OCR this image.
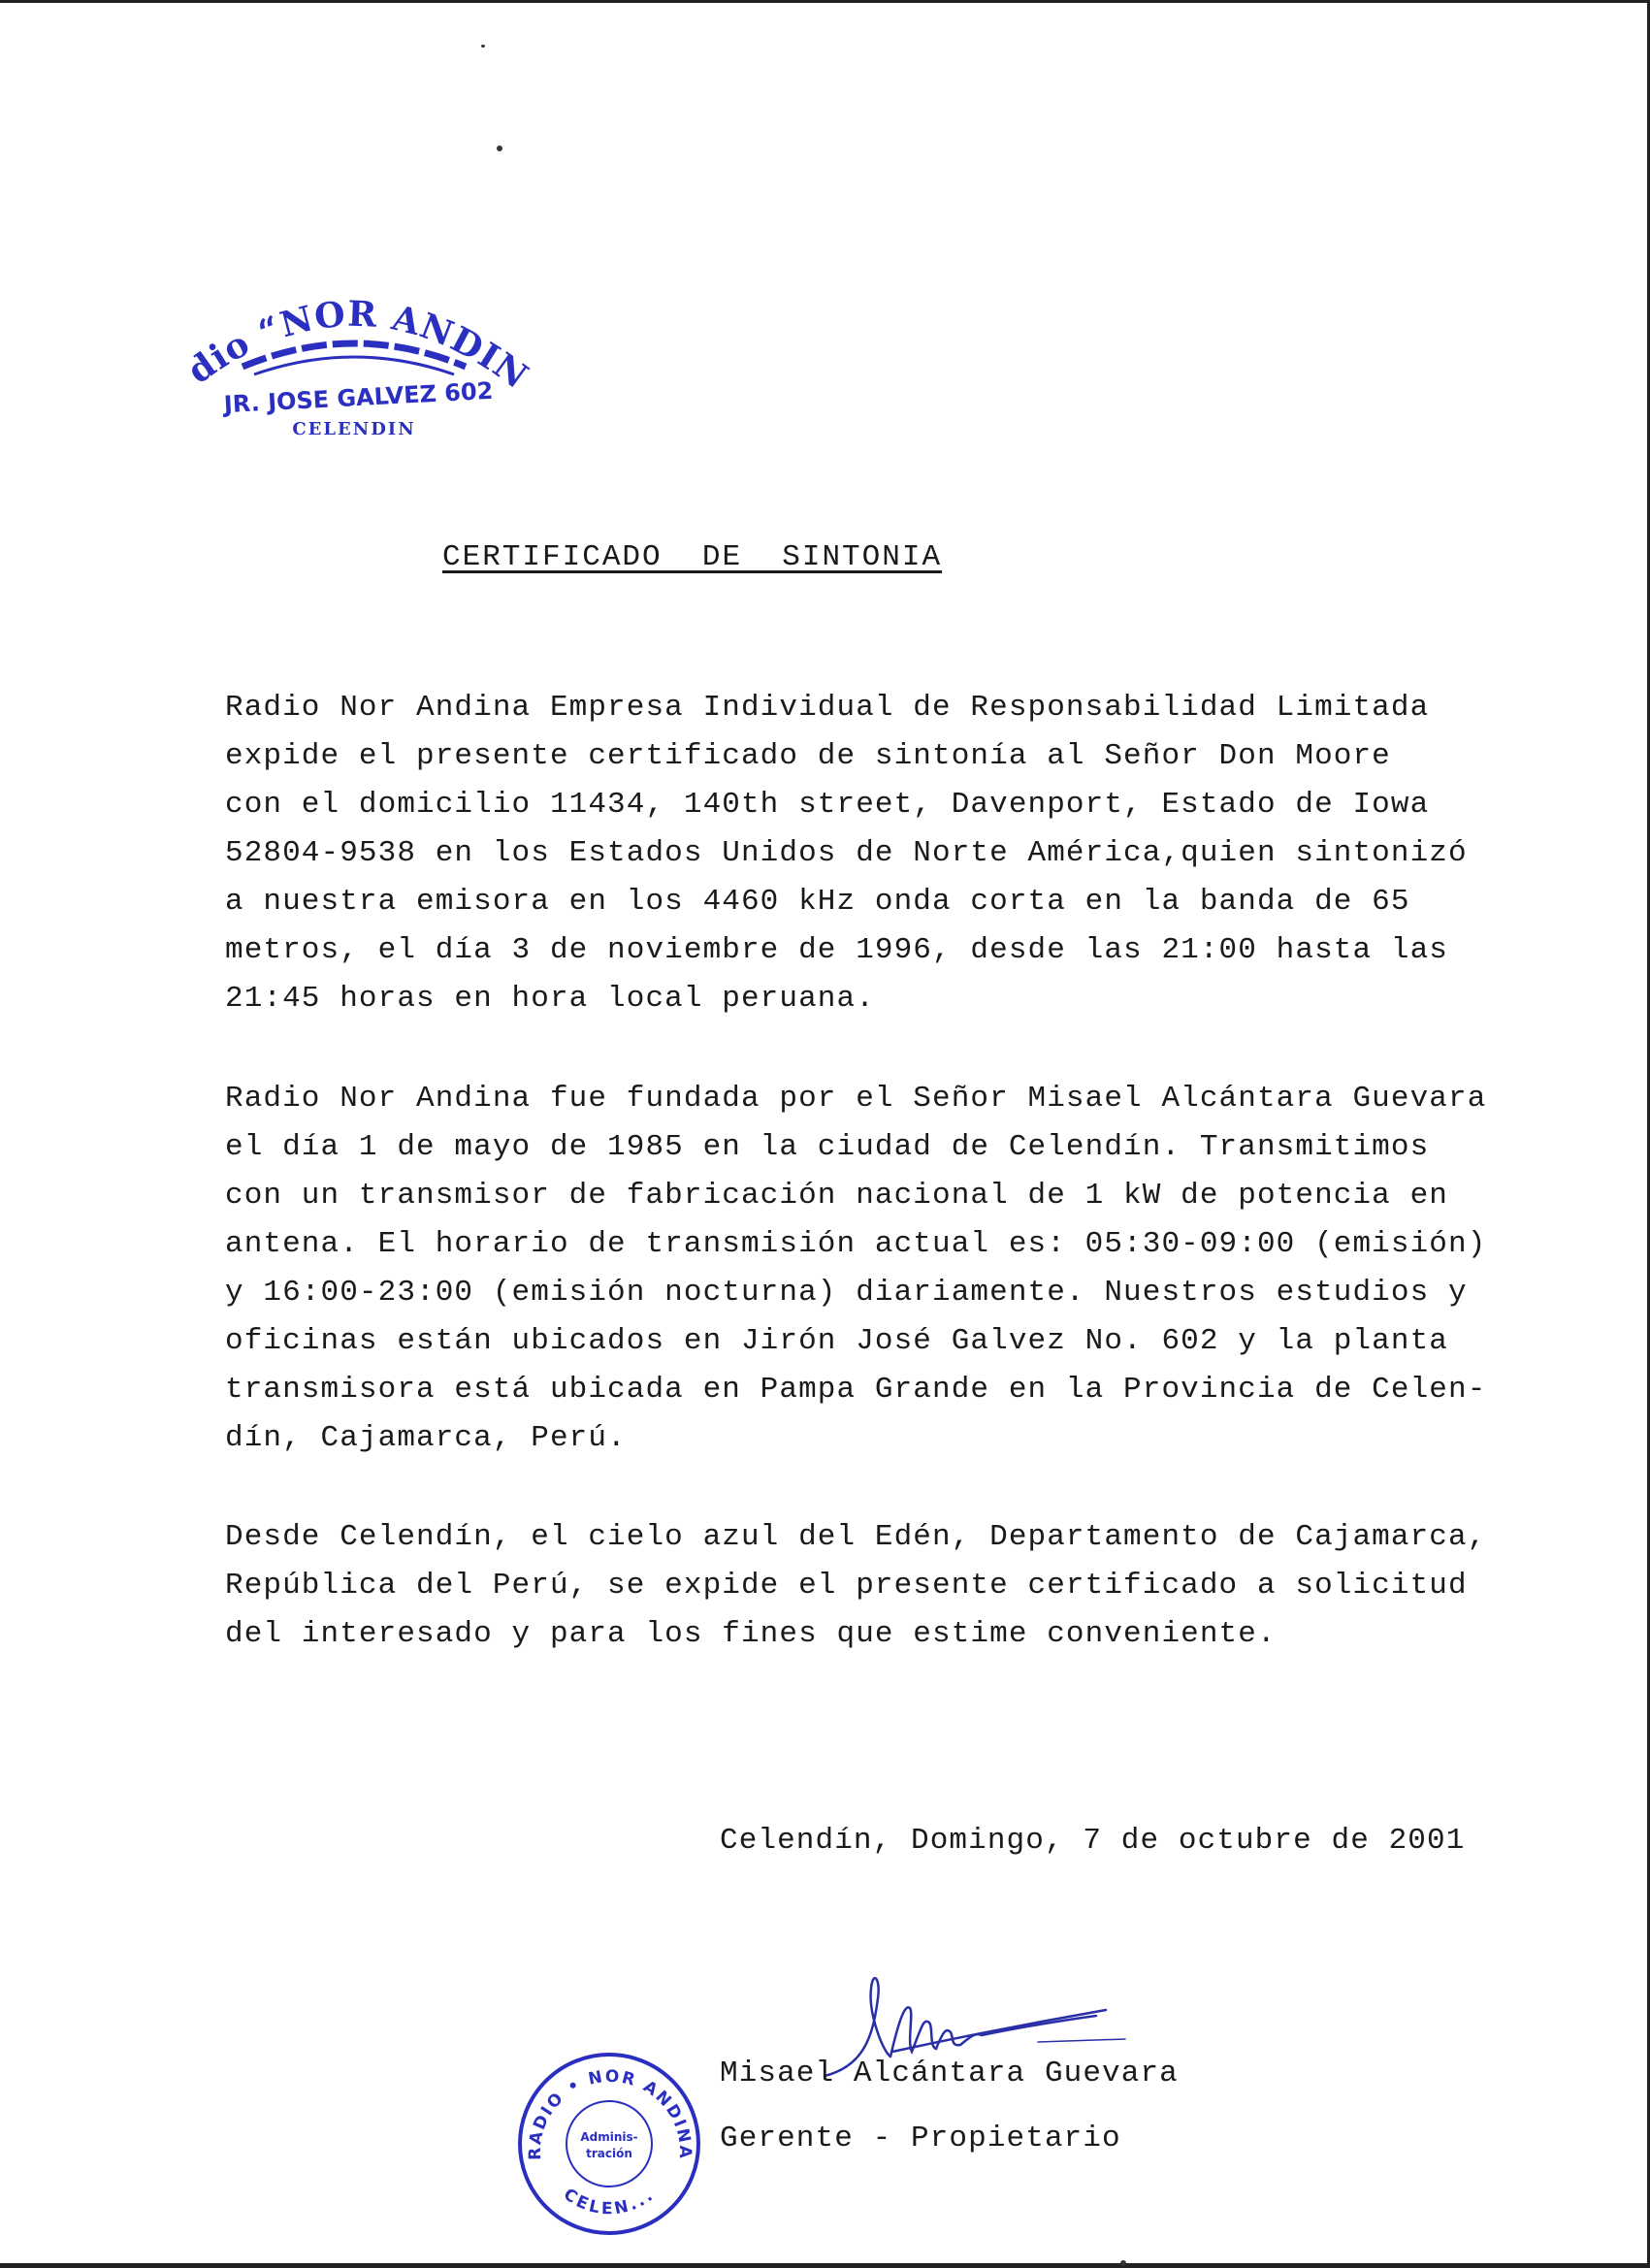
dio “NOR ANDIN
JR. JOSE GALVEZ 602
CELENDIN
CERTIFICADO  DE  SINTONIA
Radio Nor Andina Empresa Individual de Responsabilidad Limitada
expide el presente certificado de sintonía al Señor Don Moore
con el domicilio 11434, 140th street, Davenport, Estado de Iowa
52804-9538 en los Estados Unidos de Norte América,quien sintonizó
a nuestra emisora en los 4460 kHz onda corta en la banda de 65
metros, el día 3 de noviembre de 1996, desde las 21:00 hasta las
21:45 horas en hora local peruana.
Radio Nor Andina fue fundada por el Señor Misael Alcántara Guevara
el día 1 de mayo de 1985 en la ciudad de Celendín. Transmitimos
con un transmisor de fabricación nacional de 1 kW de potencia en
antena. El horario de transmisión actual es: 05:30-09:00 (emisión)
y 16:00-23:00 (emisión nocturna) diariamente. Nuestros estudios y
oficinas están ubicados en Jirón José Galvez No. 602 y la planta
transmisora está ubicada en Pampa Grande en la Provincia de Celen-
dín, Cajamarca, Perú.
Desde Celendín, el cielo azul del Edén, Departamento de Cajamarca,
República del Perú, se expide el presente certificado a solicitud
del interesado y para los fines que estime conveniente.
Celendín, Domingo, 7 de octubre de 2001
Misael Alcántara Guevara
Gerente - Propietario
RADIO • NOR ANDINA
CELEN...
Adminis-
tración
